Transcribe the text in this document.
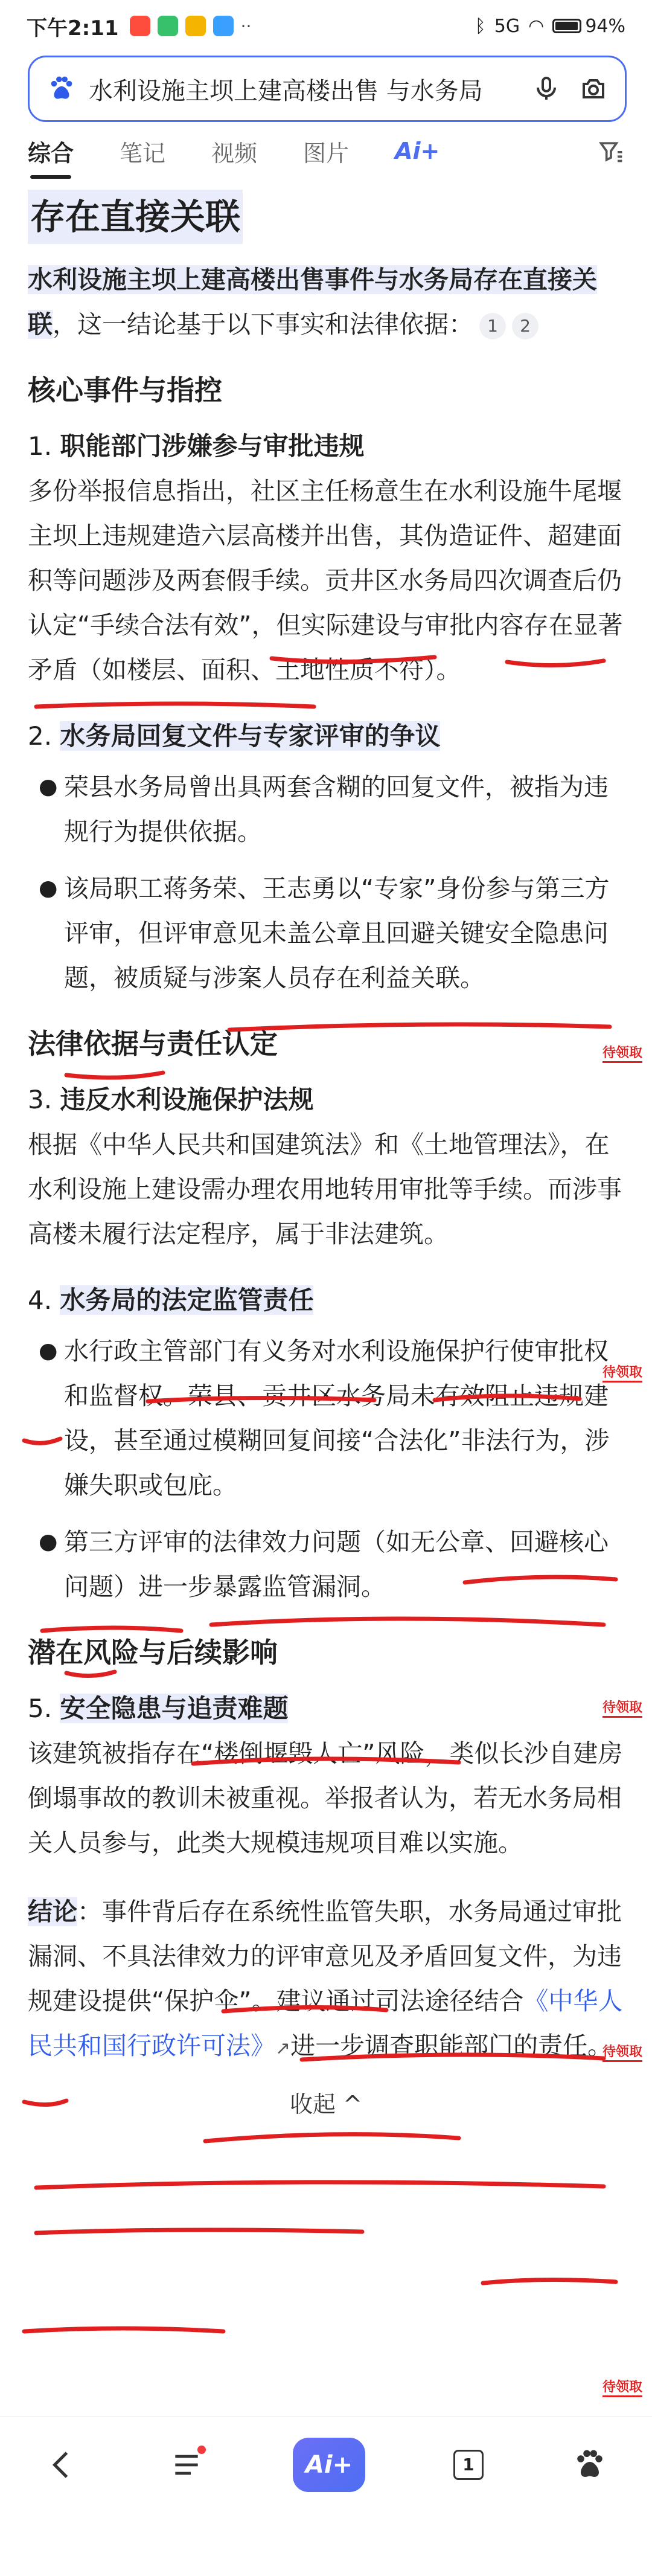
下午2:11	··	ᛒ 5G ◠ 94%
水利设施主坝上建高楼出售 与水务局
综合 笔记 视频 图片 Ai+
存在直接关联

水利设施主坝上建高楼出售事件与水务局存在直接关联，这一结论基于以下事实和法律依据： 1 2

核心事件与指控
1. 职能部门涉嫌参与审批违规

多份举报信息指出，社区主任杨意生在水利设施牛尾堰主坝上违规建造六层高楼并出售，其伪造证件、超建面积等问题涉及两套假手续。贡井区水务局四次调查后仍认定“手续合法有效”，但实际建设与审批内容存在显著矛盾（如楼层、面积、土地性质不符）。

2. 水务局回复文件与专家评审的争议
● 荣县水务局曾出具两套含糊的回复文件，被指为违规行为提供依据。
● 该局职工蒋务荣、王志勇以“专家”身份参与第三方评审，但评审意见未盖公章且回避关键安全隐患问题，被质疑与涉案人员存在利益关联。
法律依据与责任认定
3. 违反水利设施保护法规

根据《中华人民共和国建筑法》和《土地管理法》，在水利设施上建设需办理农用地转用审批等手续。而涉事高楼未履行法定程序，属于非法建筑。

4. 水务局的法定监管责任
● 水行政主管部门有义务对水利设施保护行使审批权和监督权。荣县、贡井区水务局未有效阻止违规建设，甚至通过模糊回复间接“合法化”非法行为，涉嫌失职或包庇。
● 第三方评审的法律效力问题（如无公章、回避核心问题）进一步暴露监管漏洞。
潜在风险与后续影响
5. 安全隐患与追责难题

该建筑被指存在“楼倒堰毁人亡”风险，类似长沙自建房倒塌事故的教训未被重视。举报者认为，若无水务局相关人员参与，此类大规模违规项目难以实施。

结论：事件背后存在系统性监管失职，水务局通过审批漏洞、不具法律效力的评审意见及矛盾回复文件，为违规建设提供“保护伞”。建议通过司法途径结合《中华人民共和国行政许可法》↗进一步调查职能部门的责任。

收起 ^
待领取
待领取
待领取
待领取
待领取
Ai+	1
